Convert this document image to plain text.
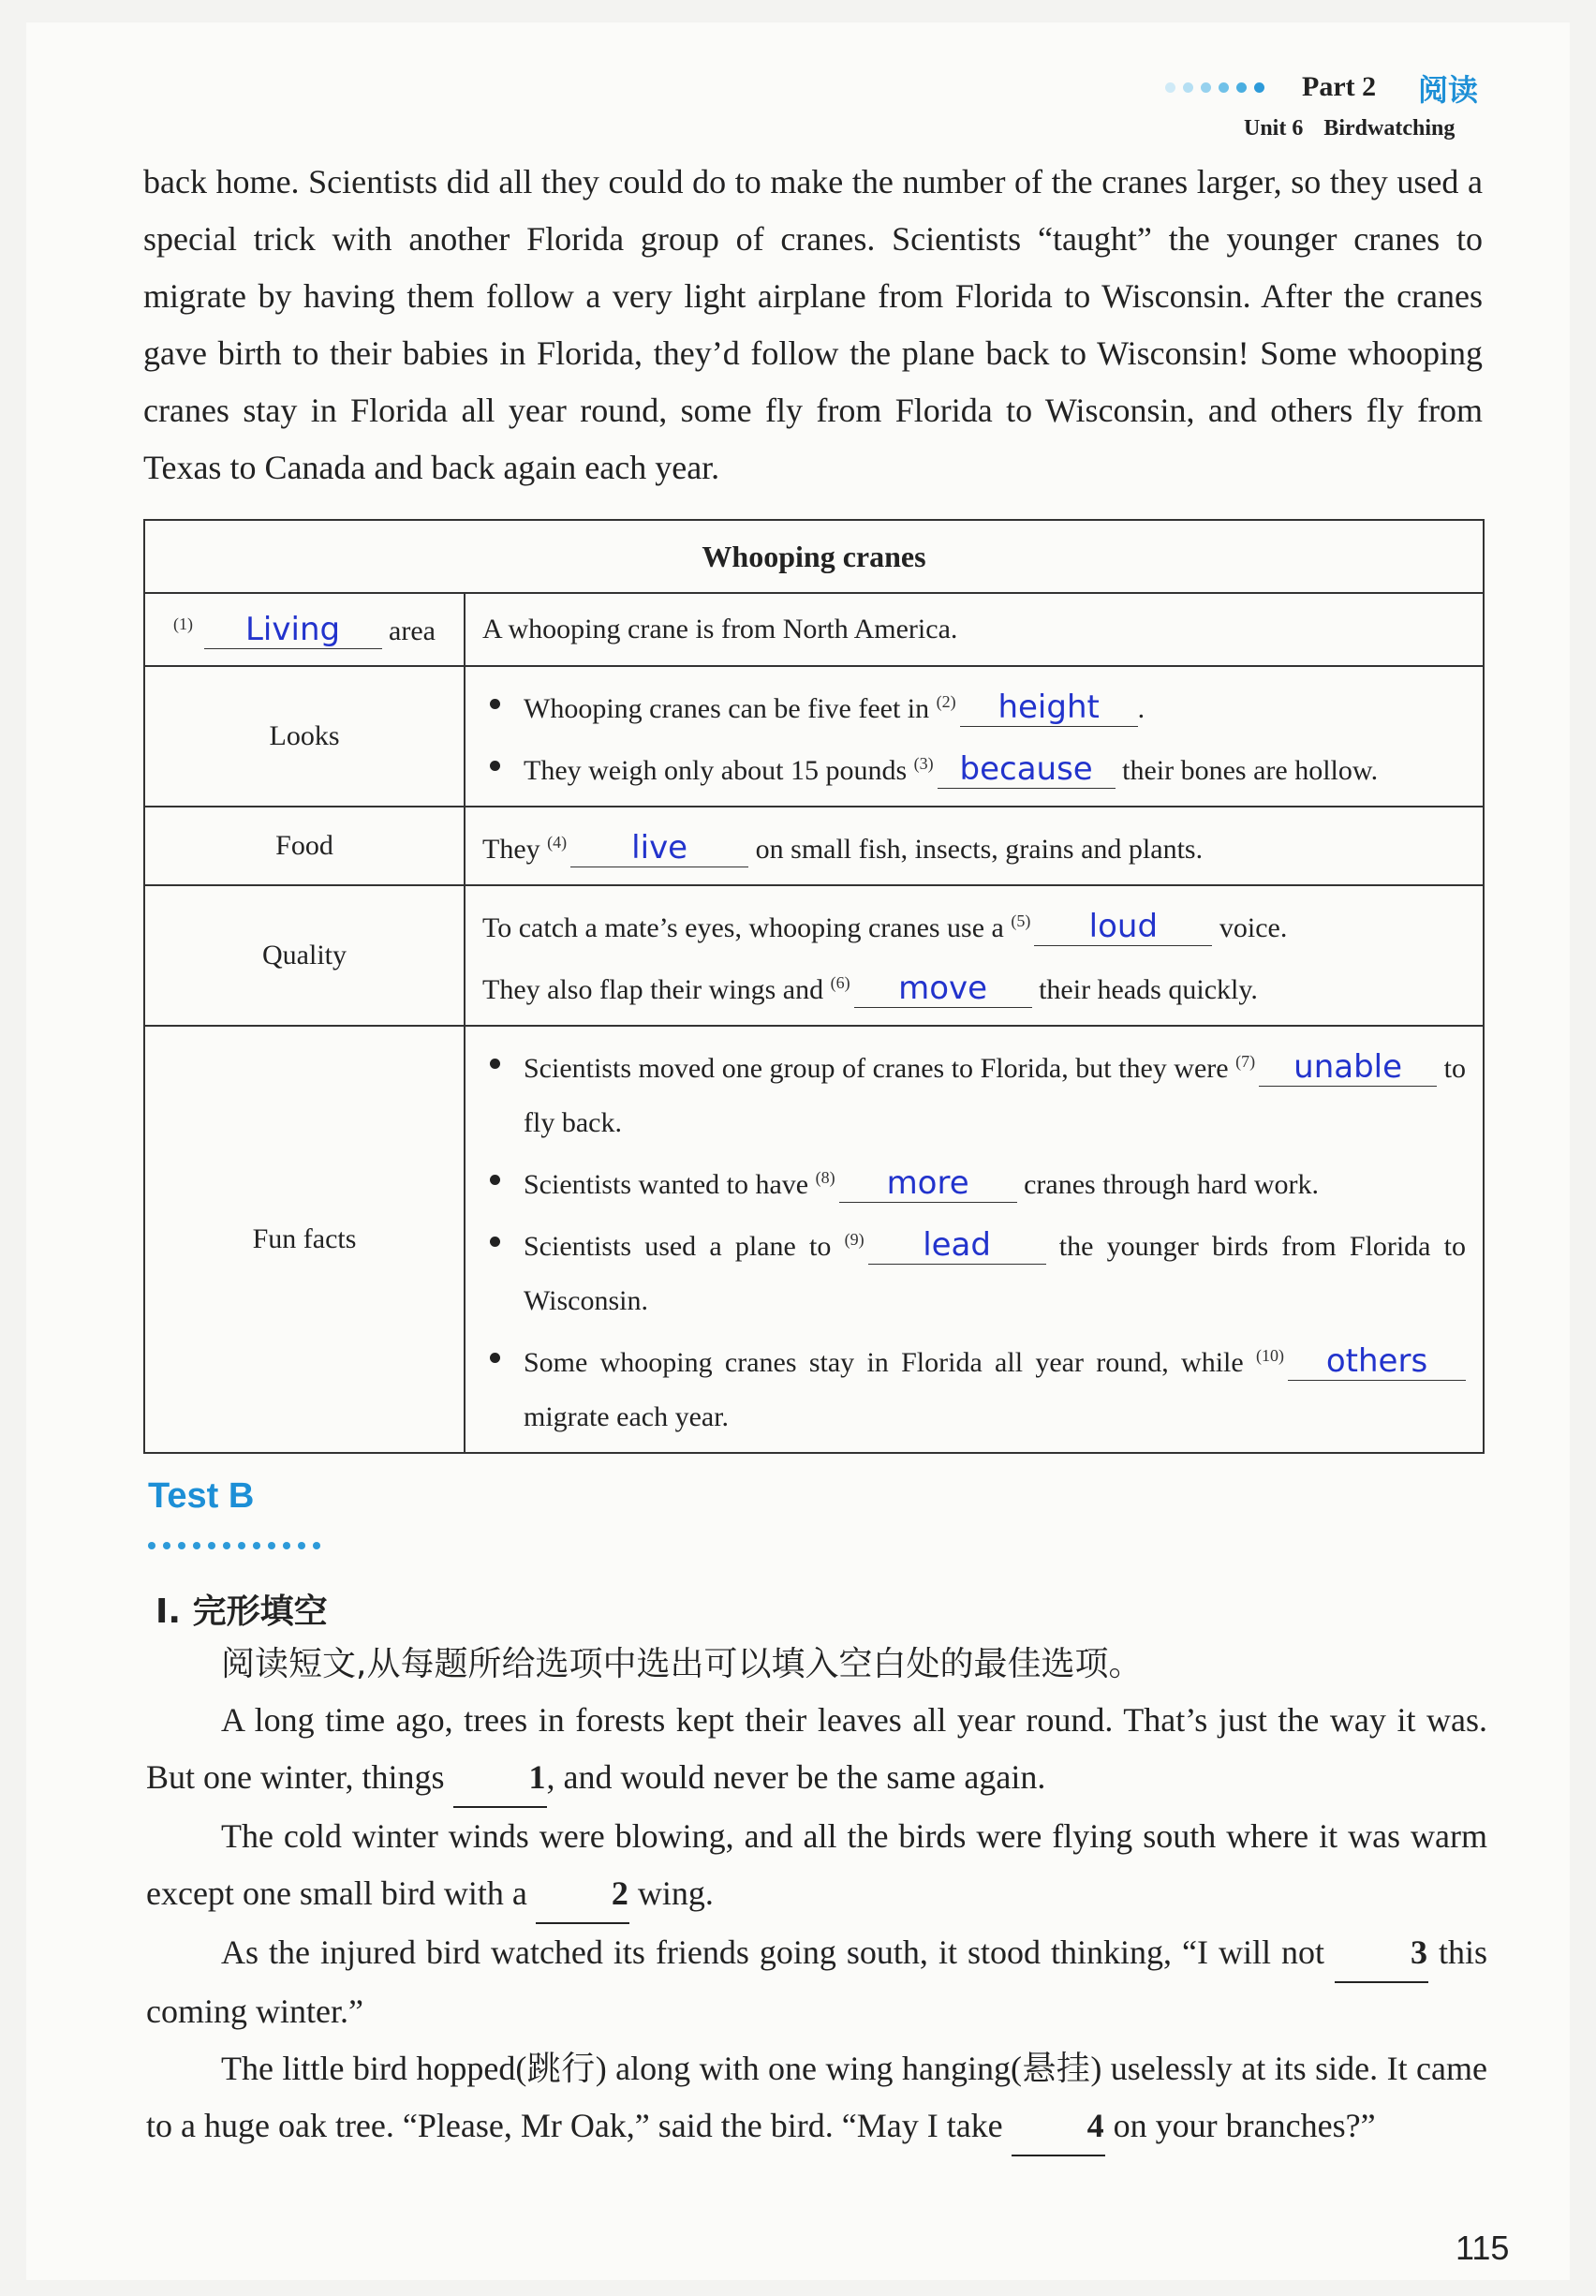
Part 2 阅读
Unit 6 Birdwatching

back home. Scientists did all they could do to make the number of the cranes larger, so they used a special trick with another Florida group of cranes. Scientists “taught” the younger cranes to migrate by having them follow a very light airplane from Florida to Wisconsin. After the cranes gave birth to their babies in Florida, they’d follow the plane back to Wisconsin! Some whooping cranes stay in Florida all year round, some fly from Florida to Wisconsin, and others fly from Texas to Canada and back again each year.

Whooping cranes	
$^{(1)}$ Living area	A whooping crane is from North America.
Looks	Whooping cranes can be five feet in $^{(2)}$ height .
They weigh only about 15 pounds $^{(3)}$ because their bones are hollow.

Food	They $^{(4)}$ live on small fish, insects, grains and plants.
Quality	To catch a mate’s eyes, whooping cranes use a $^{(5)}$ loud voice.
They also flap their wings and $^{(6)}$ move their heads quickly.
Fun facts	Scientists moved one group of cranes to Florida, but they were $^{(7)}$ unable to fly back.
Scientists wanted to have $^{(8)}$ more cranes through hard work.
Scientists used a plane to $^{(9)}$ lead the younger birds from Florida to Wisconsin.
Some whooping cranes stay in Florida all year round, while $^{(10)}$ others migrate each year.
Test B
I. 完形填空
阅读短文,从每题所给选项中选出可以填入空白处的最佳选项。

A long time ago, trees in forests kept their leaves all year round. That’s just the way it was. But one winter, things	1, and would never be the same again.

The cold winter winds were blowing, and all the birds were flying south where it was warm except one small bird with a	2 wing.

As the injured bird watched its friends going south, it stood thinking, “I will not	3 this coming winter.”

The little bird hopped(跳行) along with one wing hanging(悬挂) uselessly at its side. It came to a huge oak tree. “Please, Mr Oak,” said the bird. “May I take	4 on your branches?”

115
